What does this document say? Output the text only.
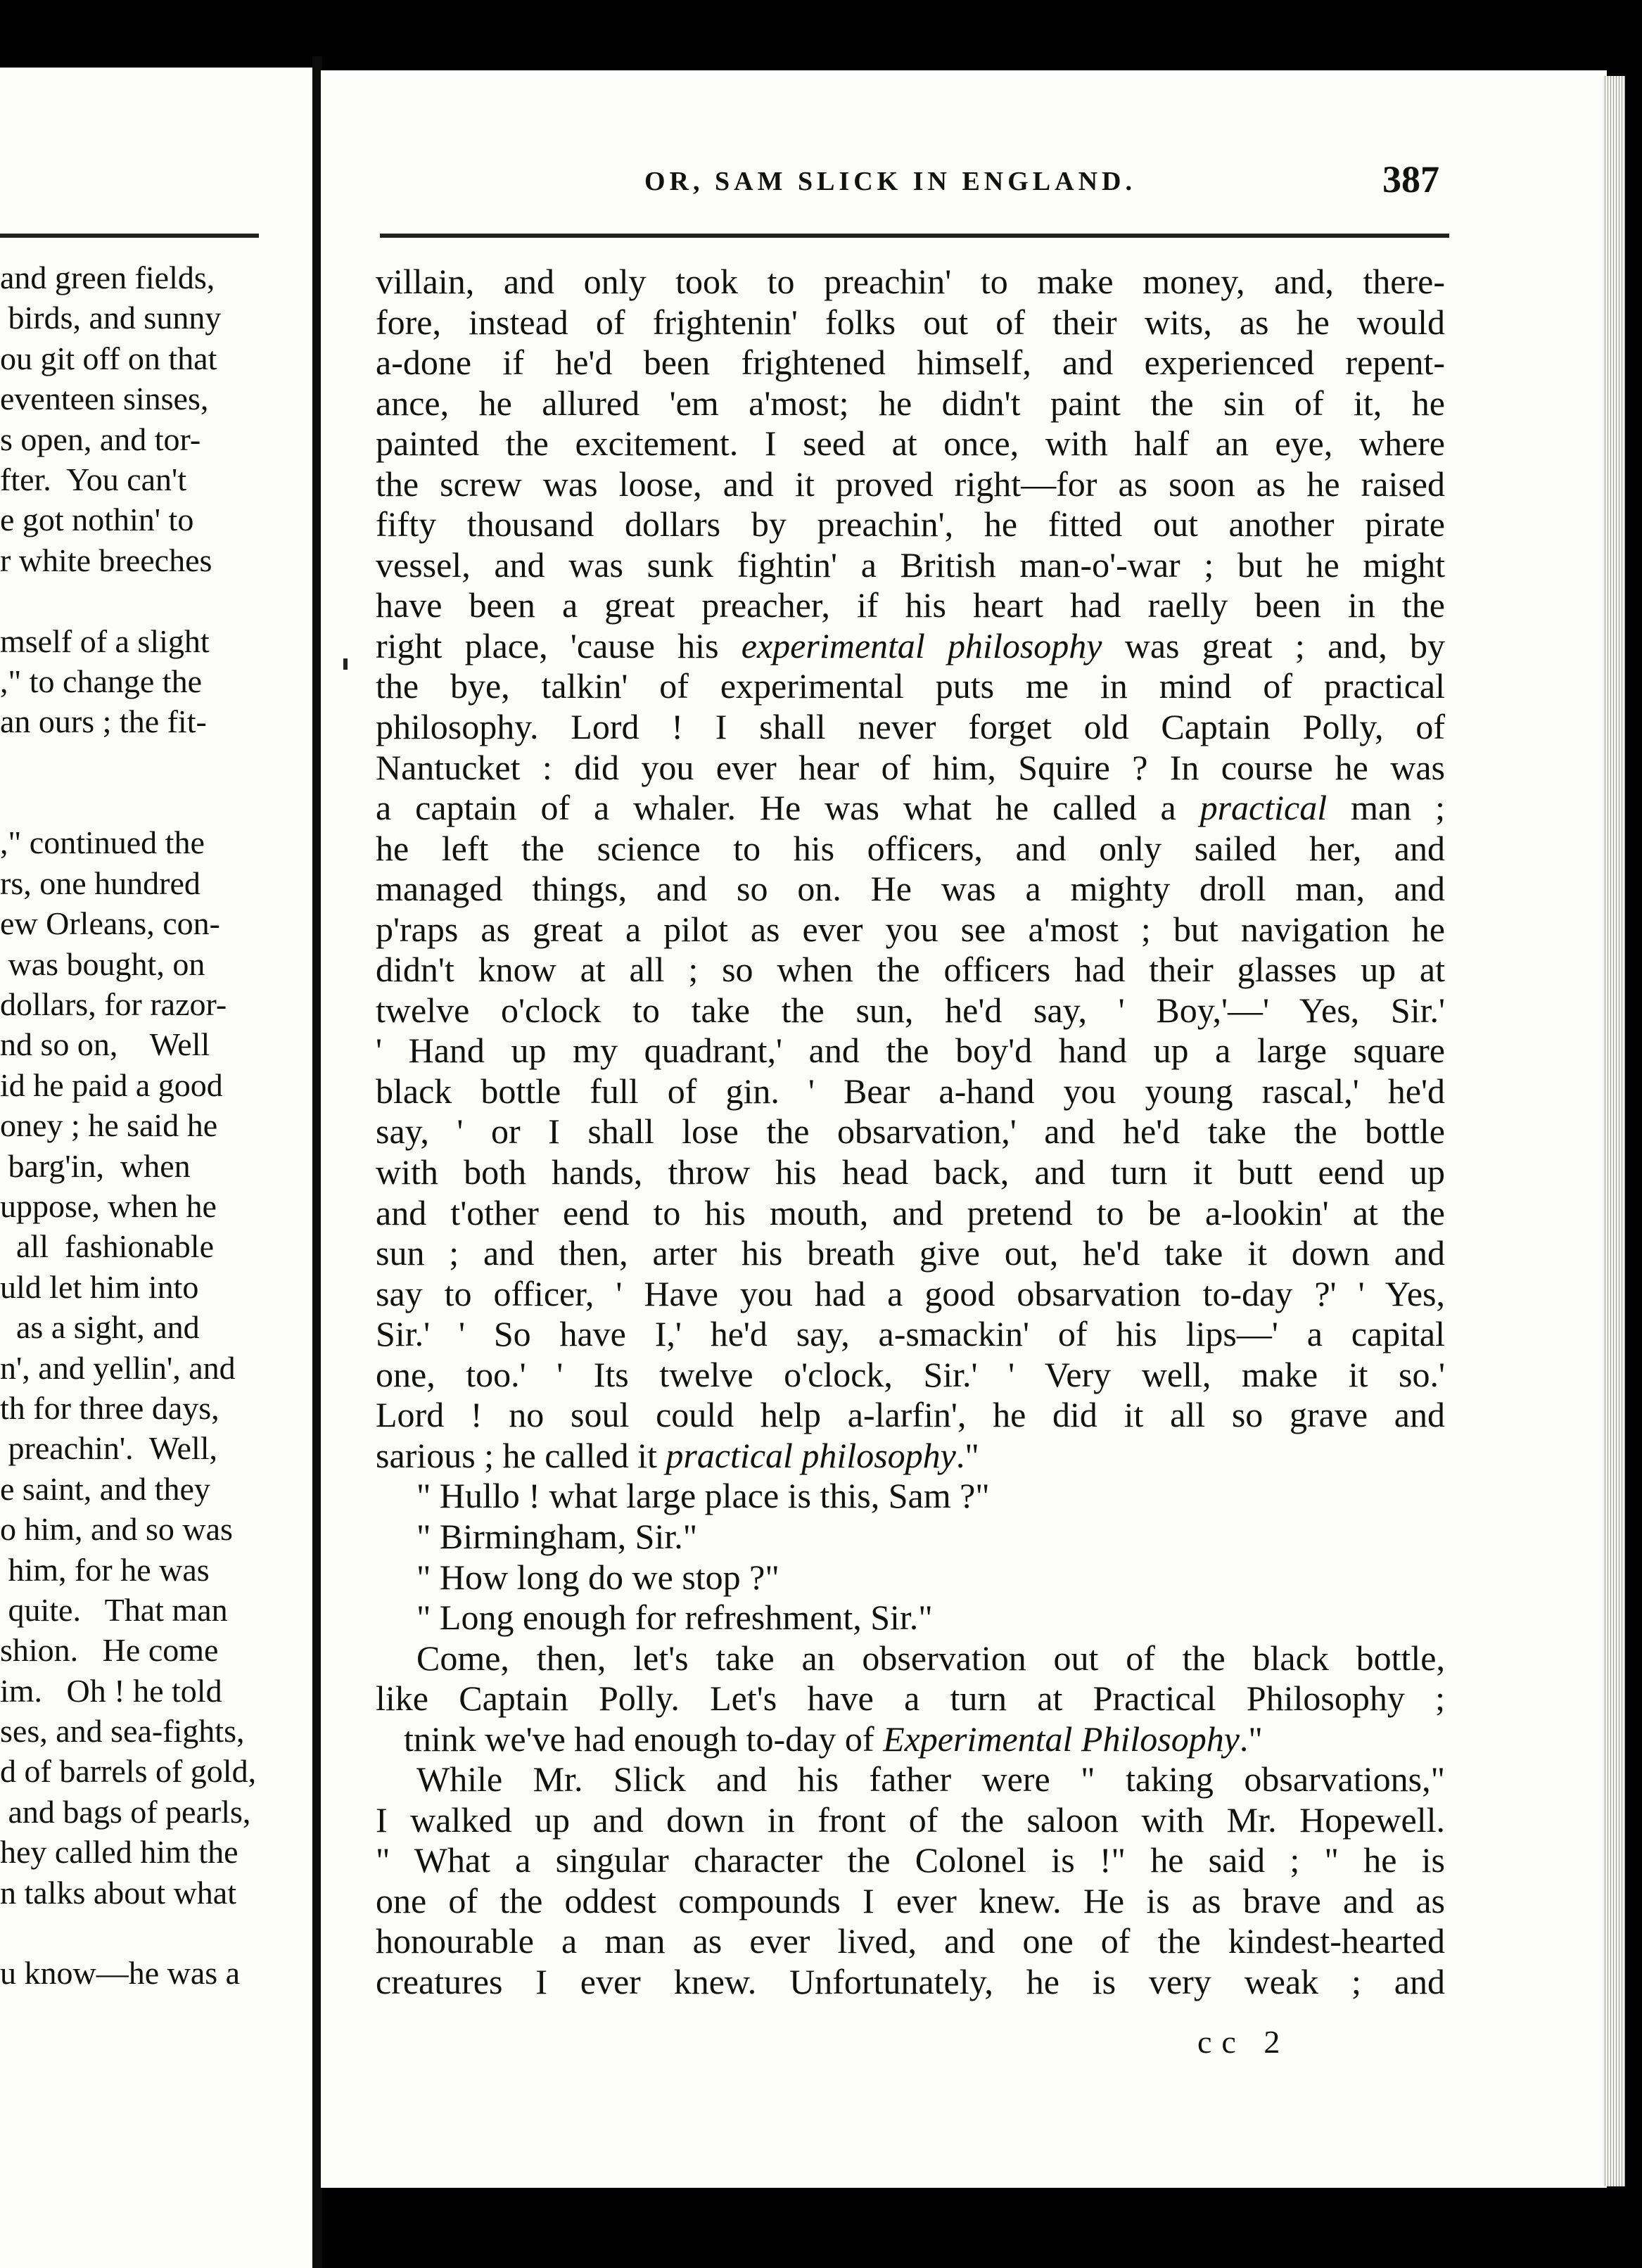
and green fields,
birds, and sunny
ou git off on that
eventeen sinses,
s open, and tor-
fter.  You can't
e got nothin' to
r white breeches
mself of a slight
," to change the
an ours ; the fit-
," continued the
rs, one hundred
ew Orleans, con-
was bought, on
dollars, for razor-
nd so on,    Well
id he paid a good
oney ; he said he
barg'in,  when
uppose, when he
all  fashionable
uld let him into
as a sight, and
n', and yellin', and
th for three days,
preachin'.  Well,
e saint, and they
o him, and so was
him, for he was
quite.   That man
shion.   He come
im.   Oh ! he told
ses, and sea-fights,
d of barrels of gold,
and bags of pearls,
hey called him the
n talks about what
u know—he was a
OR, SAM SLICK IN ENGLAND.	387
villain, and only took to preachin' to make money, and, there-
fore, instead of frightenin' folks out of their wits, as he would
a-done if he'd been frightened himself, and experienced repent-
ance, he allured 'em a'most; he didn't paint the sin of it, he
painted the excitement. I seed at once, with half an eye, where
the screw was loose, and it proved right—for as soon as he raised
fifty thousand dollars by preachin', he fitted out another pirate
vessel, and was sunk fightin' a British man-o'-war ; but he might
have been a great preacher, if his heart had raelly been in the
right place, 'cause his experimental philosophy was great ; and, by
the bye, talkin' of experimental puts me in mind of practical
philosophy. Lord ! I shall never forget old Captain Polly, of
Nantucket : did you ever hear of him, Squire ? In course he was
a captain of a whaler. He was what he called a practical man ;
he left the science to his officers, and only sailed her, and
managed things, and so on. He was a mighty droll man, and
p'raps as great a pilot as ever you see a'most ; but navigation he
didn't know at all ; so when the officers had their glasses up at
twelve o'clock to take the sun, he'd say, ' Boy,'—' Yes, Sir.'
' Hand up my quadrant,' and the boy'd hand up a large square
black bottle full of gin. ' Bear a-hand you young rascal,' he'd
say, ' or I shall lose the obsarvation,' and he'd take the bottle
with both hands, throw his head back, and turn it butt eend up
and t'other eend to his mouth, and pretend to be a-lookin' at the
sun ; and then, arter his breath give out, he'd take it down and
say to officer, ' Have you had a good obsarvation to-day ?' ' Yes,
Sir.' ' So have I,' he'd say, a-smackin' of his lips—' a capital
one, too.' ' Its twelve o'clock, Sir.' ' Very well, make it so.'
Lord ! no soul could help a-larfin', he did it all so grave and
sarious ; he called it practical philosophy."
" Hullo ! what large place is this, Sam ?"
" Birmingham, Sir."
" How long do we stop ?"
" Long enough for refreshment, Sir."
Come, then, let's take an observation out of the black bottle,
like Captain Polly. Let's have a turn at Practical Philosophy ;
tnink we've had enough to-day of Experimental Philosophy."
While Mr. Slick and his father were " taking obsarvations,"
I walked up and down in front of the saloon with Mr. Hopewell.
" What a singular character the Colonel is !" he said ; " he is
one of the oddest compounds I ever knew. He is as brave and as
honourable a man as ever lived, and one of the kindest-hearted
creatures I ever knew. Unfortunately, he is very weak ; and
cc 2
